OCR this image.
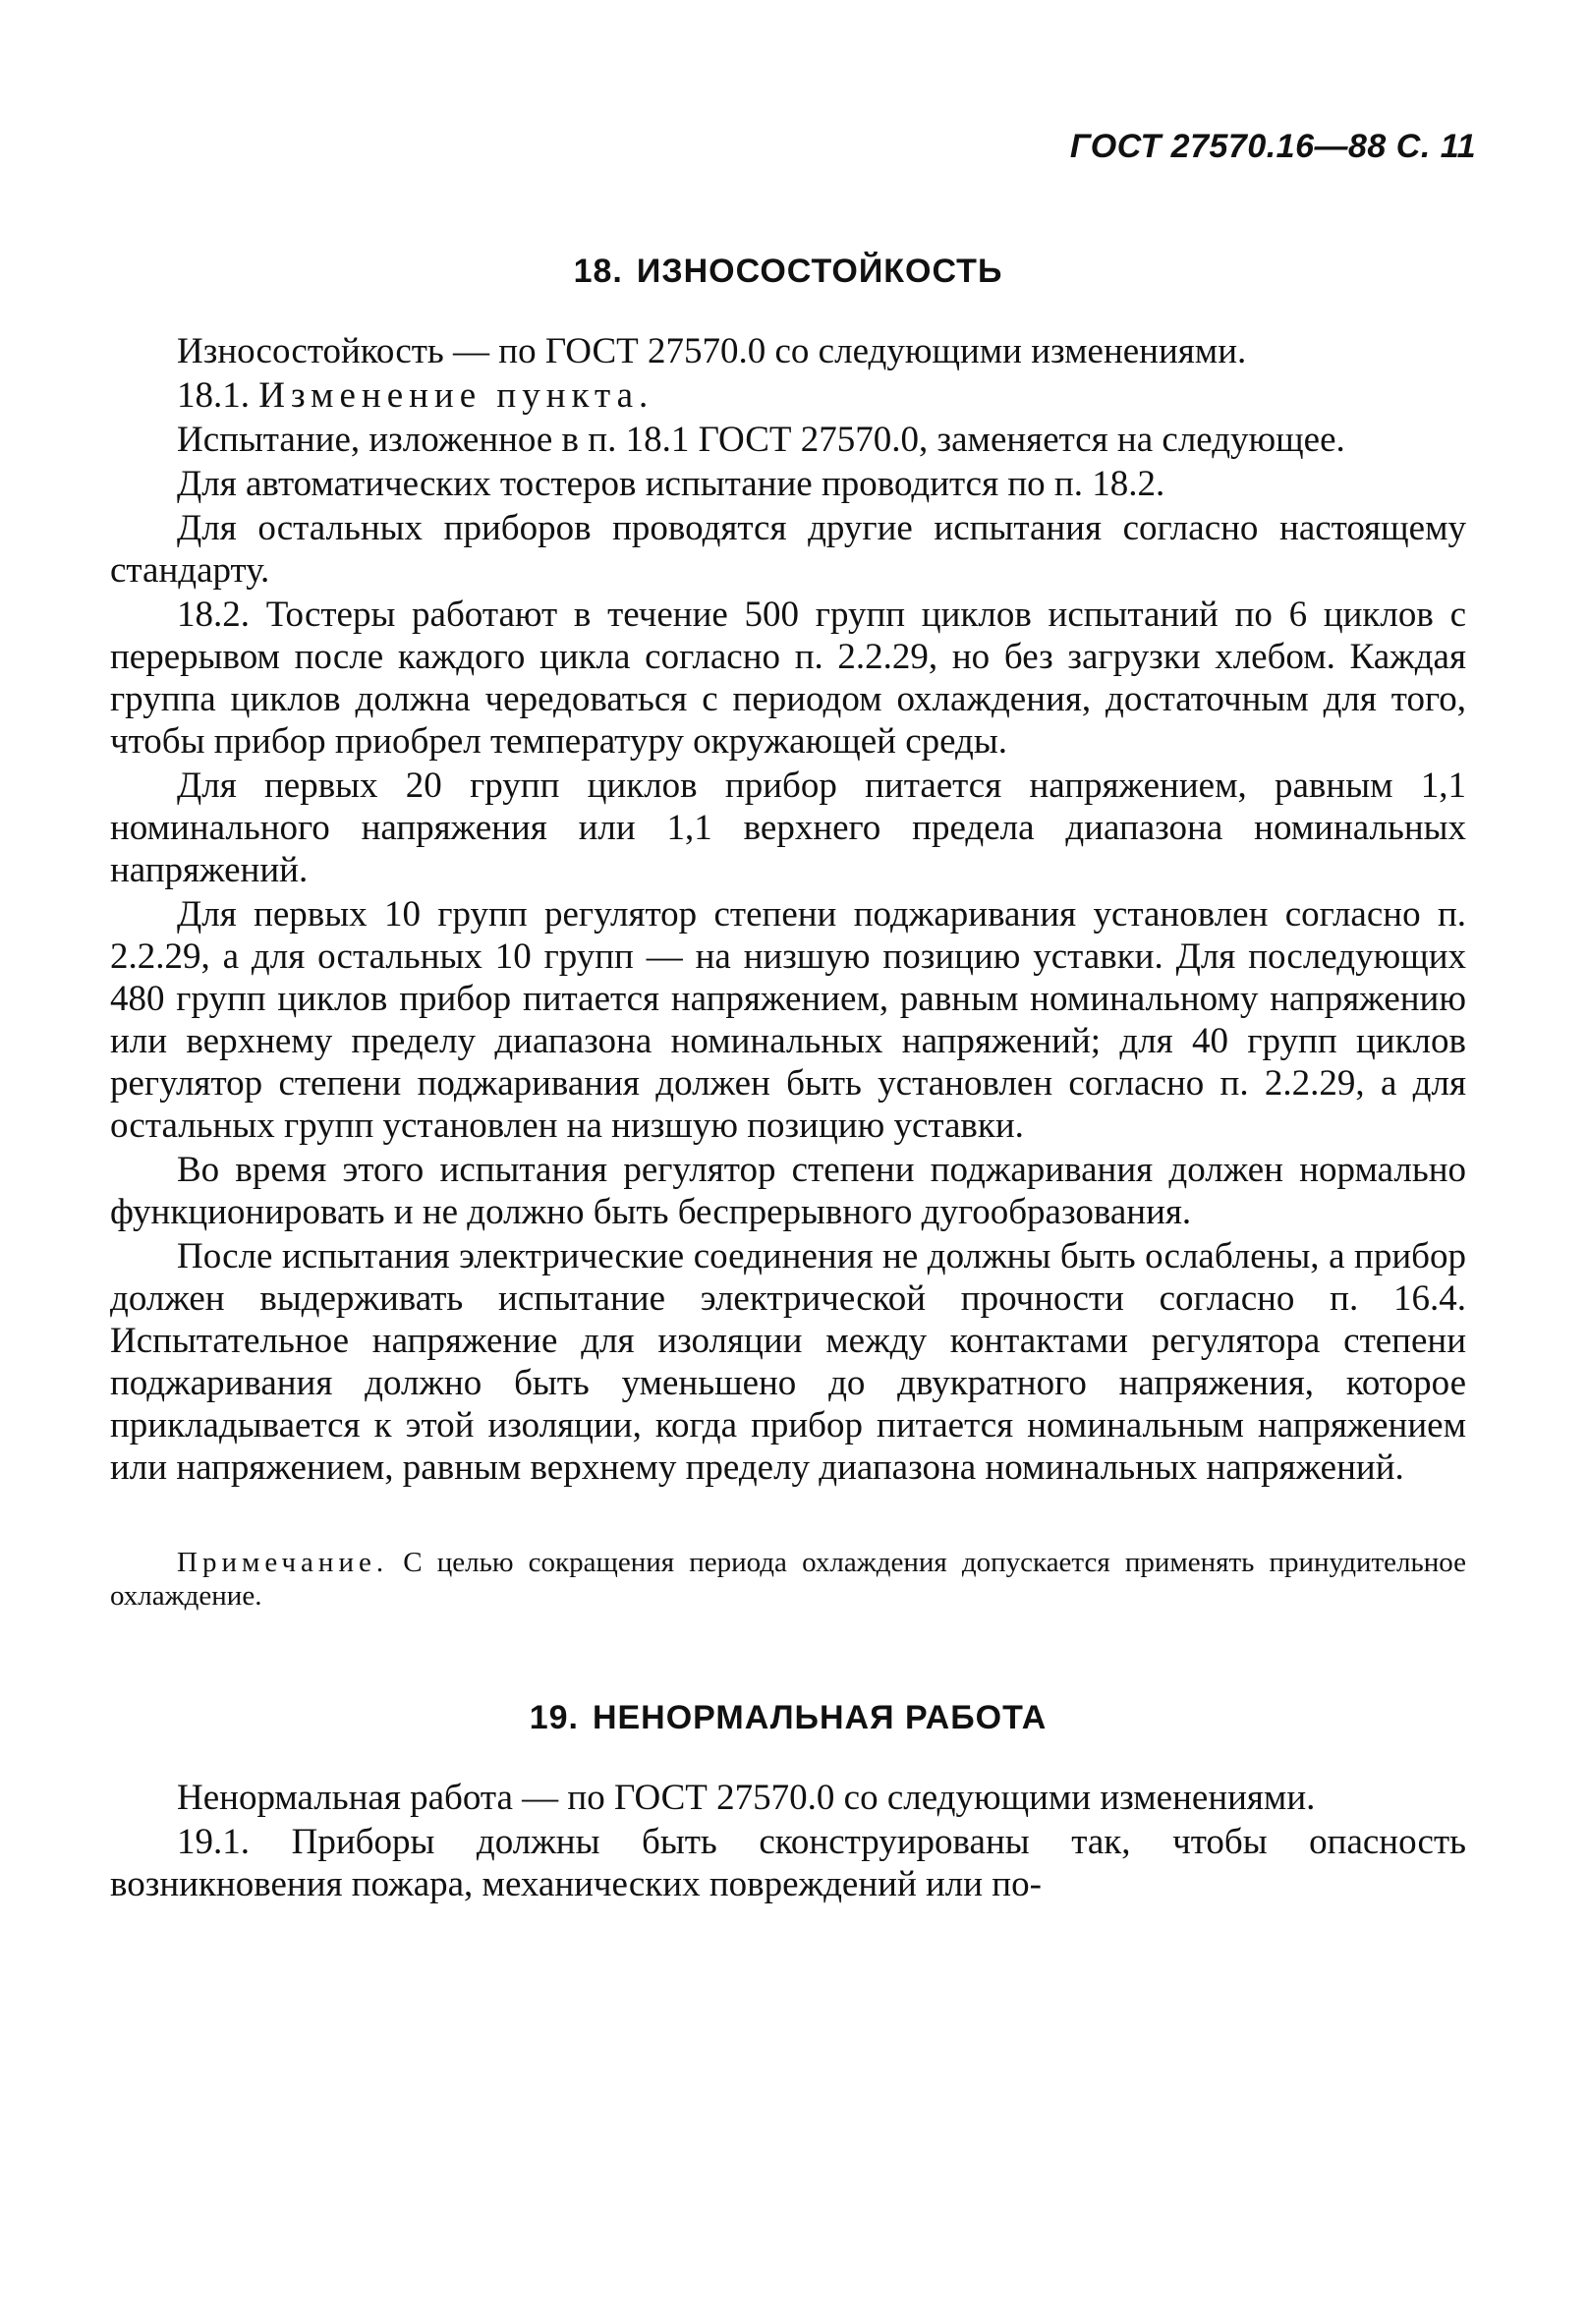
ГОСТ 27570.16—88 С. 11
18. ИЗНОСОСТОЙКОСТЬ

Износостойкость — по ГОСТ 27570.0 со следующими изменениями.

18.1. Изменение пункта.

Испытание, изложенное в п. 18.1 ГОСТ 27570.0, заменяется на следующее.

Для автоматических тостеров испытание проводится по п. 18.2.

Для остальных приборов проводятся другие испытания согласно настоящему стандарту.

18.2. Тостеры работают в течение 500 групп циклов испытаний по 6 циклов с перерывом после каждого цикла согласно п. 2.2.29, но без загрузки хлебом. Каждая группа циклов должна чередоваться с периодом охлаждения, достаточным для того, чтобы прибор приобрел температуру окружающей среды.

Для первых 20 групп циклов прибор питается напряжением, равным 1,1 номинального напряжения или 1,1 верхнего предела диапазона номинальных напряжений.

Для первых 10 групп регулятор степени поджаривания установлен согласно п. 2.2.29, а для остальных 10 групп — на низшую позицию уставки. Для последующих 480 групп циклов прибор питается напряжением, равным номинальному напряжению или верхнему пределу диапазона номинальных напряжений; для 40 групп циклов регулятор степени поджаривания должен быть установлен согласно п. 2.2.29, а для остальных групп установлен на низшую позицию уставки.

Во время этого испытания регулятор степени поджаривания должен нормально функционировать и не должно быть беспрерывного дугообразования.

После испытания электрические соединения не должны быть ослаблены, а прибор должен выдерживать испытание электрической прочности согласно п. 16.4. Испытательное напряжение для изоляции между контактами регулятора степени поджаривания должно быть уменьшено до двукратного напряжения, которое прикладывается к этой изоляции, когда прибор питается номинальным напряжением или напряжением, равным верхнему пределу диапазона номинальных напряжений.

Примечание. С целью сокращения периода охлаждения допускается применять принудительное охлаждение.
19. НЕНОРМАЛЬНАЯ РАБОТА

Ненормальная работа — по ГОСТ 27570.0 со следующими изменениями.

19.1. Приборы должны быть сконструированы так, чтобы опасность возникновения пожара, механических повреждений или по-
